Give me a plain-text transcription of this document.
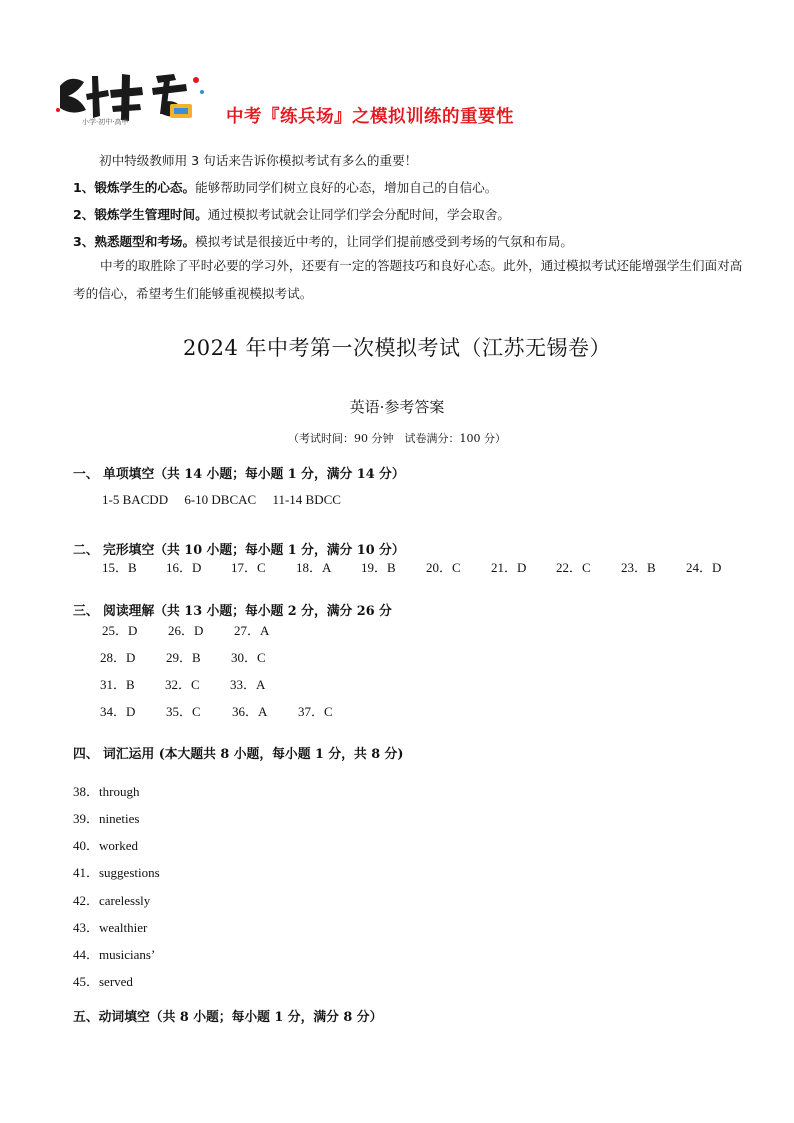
小学·初中·高中	中考『练兵场』之模拟训练的重要性
初中特级教师用 3 句话来告诉你模拟考试有多么的重要！
1、锻炼学生的心态。能够帮助同学们树立良好的心态，增加自己的自信心。
2、锻炼学生管理时间。通过模拟考试就会让同学们学会分配时间，学会取舍。
3、熟悉题型和考场。模拟考试是很接近中考的，让同学们提前感受到考场的气氛和布局。
中考的取胜除了平时必要的学习外，还要有一定的答题技巧和良好心态。此外，通过模拟考试还能增强学生们面对高考的信心，希望考生们能够重视模拟考试。
2024 年中考第一次模拟考试（江苏无锡卷）
英语·参考答案
（考试时间：90 分钟　试卷满分：100 分）
一、 单项填空（共 14 小题；每小题 1 分，满分 14 分）
1-5 BACDD　 6-10 DBCAC　 11-14 BDCC
二、 完形填空（共 10 小题；每小题 1 分，满分 10 分）
15．B 16．D 17．C 18．A 19．B 20．C 21．D 22．C 23．B 24．D
三、 阅读理解（共 13 小题；每小题 2 分，满分 26 分
25．D 26．D 27．A
28．D 29．B 30．C
31．B 32．C 33．A
34．D 35．C 36．A 37．C
四、 词汇运用 (本大题共 8 小题，每小题 1 分，共 8 分)
38．through
39．nineties
40．worked
41．suggestions
42．carelessly
43．wealthier
44．musicians’
45．served
五、动词填空（共 8 小题；每小题 1 分，满分 8 分）
